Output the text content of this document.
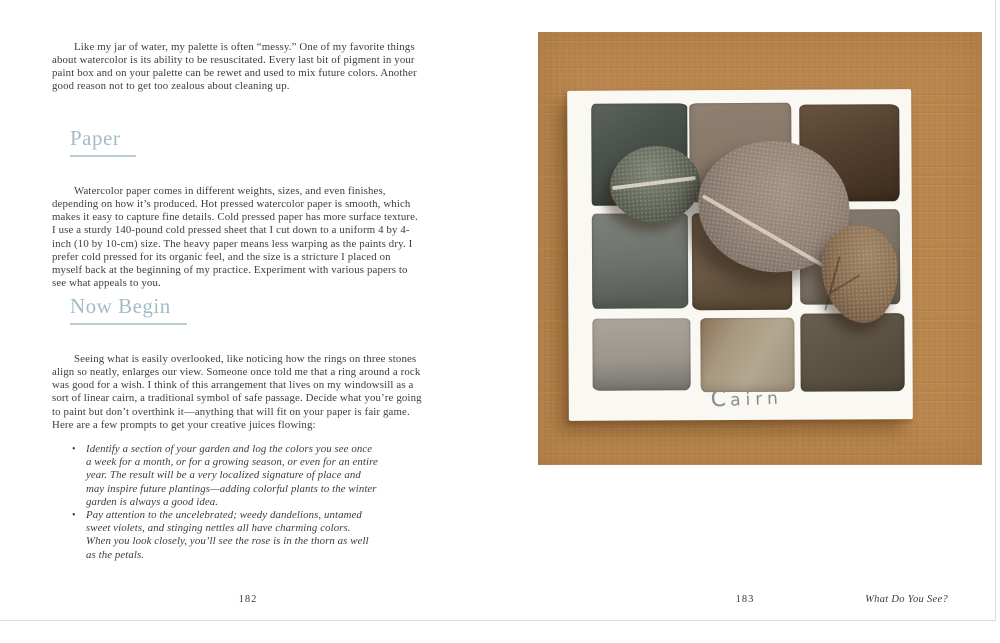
Like my jar of water, my palette is often “messy.” One of my favorite things about watercolor is its ability to be resuscitated. Every last bit of pigment in your paint box and on your palette can be rewet and used to mix future colors. Another good reason not to get too zealous about cleaning up.

Paper

Watercolor paper comes in different weights, sizes, and even finishes, depending on how it’s produced. Hot pressed watercolor paper is smooth, which makes it easy to capture fine details. Cold pressed paper has more surface texture. I use a sturdy 140-pound cold pressed sheet that I cut down to a uniform 4 by 4-inch (10 by 10-cm) size. The heavy paper means less warping as the paints dry. I prefer cold pressed for its organic feel, and the size is a stricture I placed on myself back at the beginning of my practice. Experiment with various papers to see what appeals to you.

Now Begin

Seeing what is easily overlooked, like noticing how the rings on three stones align so neatly, enlarges our view. Someone once told me that a ring around a rock was good for a wish. I think of this arrangement that lives on my windowsill as a sort of linear cairn, a traditional symbol of safe passage. Decide what you’re going to paint but don’t overthink it—anything that will fit on your paper is fair game. Here are a few prompts to get your creative juices flowing:

• Identify a section of your garden and log the colors you see once a week for a month, or for a growing season, or even for an entire year. The result will be a very localized signature of place and may inspire future plantings—adding colorful plants to the winter garden is always a good idea.
• Pay attention to the uncelebrated; weedy dandelions, untamed sweet violets, and stinging nettles all have charming colors. When you look closely, you’ll see the rose is in the thorn as well as the petals.
182
Cairn
183	What Do You See?
